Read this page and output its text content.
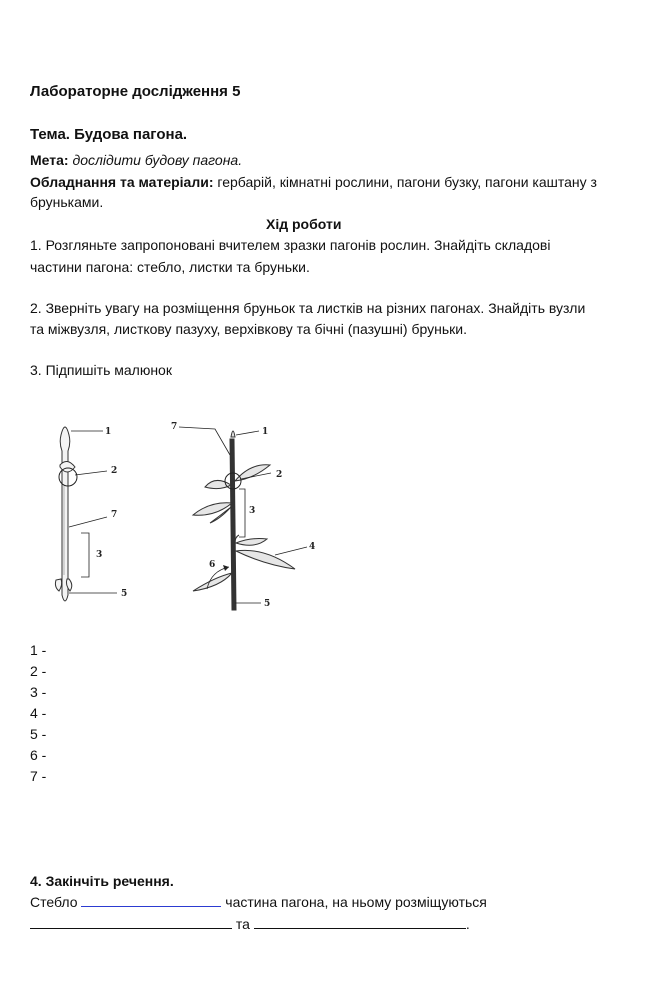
Лабораторне дослідження 5
Тема. Будова пагона.
Мета: дослідити будову пагона.
Обладнання та матеріали: гербарій, кімнатні рослини, пагони бузку, пагони каштану з
бруньками.
Хід роботи
1. Розгляньте запропоновані вчителем зразки пагонів рослин. Знайдіть складові
частини пагона: стебло, листки та бруньки.
2. Зверніть увагу на розміщення бруньок та листків на різних пагонах. Знайдіть вузли
та міжвузля, листкову пазуху, верхівкову та бічні (пазушні) бруньки.
3. Підпишіть малюнок
1
2
7
3
5
7	1
2
3
4
6
5
1 -
2 -
3 -
4 -
5 -
6 -
7 -
4. Закінчіть речення.
Стебло	частина пагона, на ньому розміщуються
та	.
